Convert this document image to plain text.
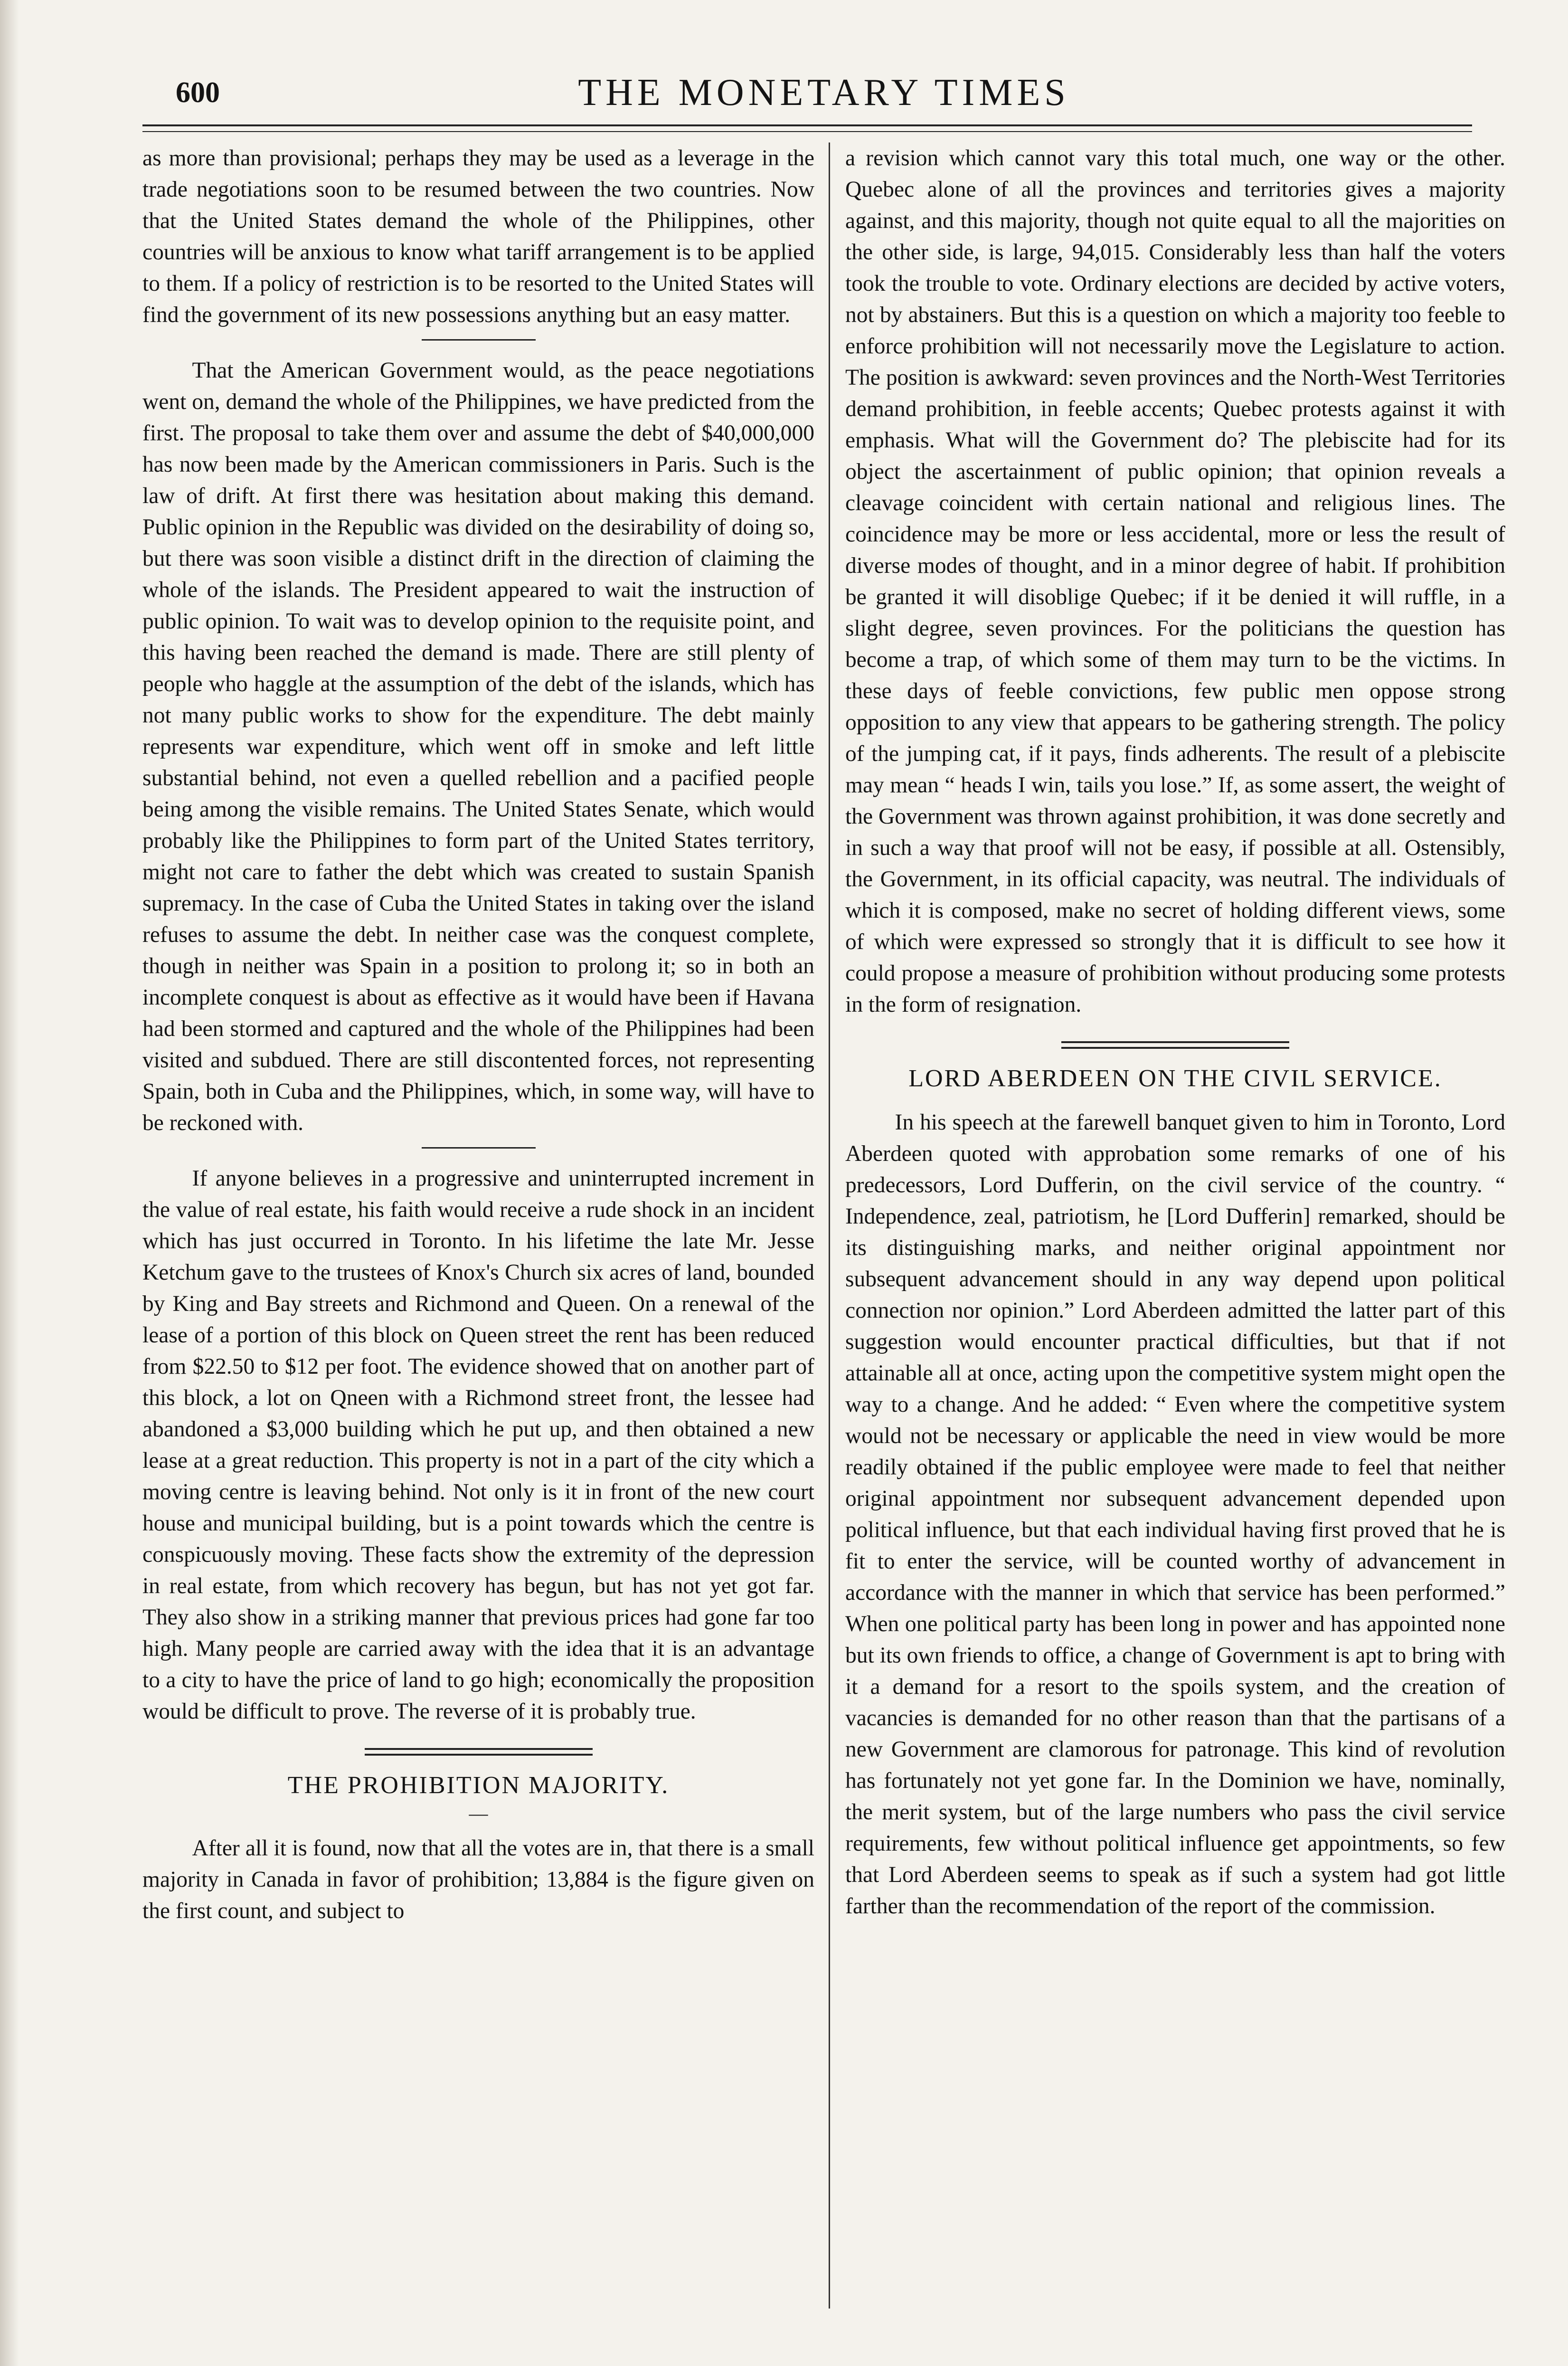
600	THE MONETARY TIMES

as more than provisional; perhaps they may be used as a leverage in the trade negotiations soon to be resumed between the two countries. Now that the United States demand the whole of the Philippines, other countries will be anxious to know what tariff arrangement is to be applied to them. If a policy of restriction is to be resorted to the United States will find the government of its new possessions anything but an easy matter.

That the American Government would, as the peace negotiations went on, demand the whole of the Philippines, we have predicted from the first. The proposal to take them over and assume the debt of $40,000,000 has now been made by the American commissioners in Paris. Such is the law of drift. At first there was hesitation about making this demand. Public opinion in the Republic was divided on the desirability of doing so, but there was soon visible a distinct drift in the direction of claiming the whole of the islands. The President appeared to wait the instruction of public opinion. To wait was to develop opinion to the requisite point, and this having been reached the demand is made. There are still plenty of people who haggle at the assumption of the debt of the islands, which has not many public works to show for the expenditure. The debt mainly represents war expenditure, which went off in smoke and left little substantial behind, not even a quelled rebellion and a pacified people being among the visible remains. The United States Senate, which would probably like the Philippines to form part of the United States territory, might not care to father the debt which was created to sustain Spanish supremacy. In the case of Cuba the United States in taking over the island refuses to assume the debt. In neither case was the conquest complete, though in neither was Spain in a position to prolong it; so in both an incomplete conquest is about as effective as it would have been if Havana had been stormed and captured and the whole of the Philippines had been visited and subdued. There are still discontented forces, not representing Spain, both in Cuba and the Philippines, which, in some way, will have to be reckoned with.

If anyone believes in a progressive and uninterrupted increment in the value of real estate, his faith would receive a rude shock in an incident which has just occurred in Toronto. In his lifetime the late Mr. Jesse Ketchum gave to the trustees of Knox's Church six acres of land, bounded by King and Bay streets and Richmond and Queen. On a renewal of the lease of a portion of this block on Queen street the rent has been reduced from $22.50 to $12 per foot. The evidence showed that on another part of this block, a lot on Qneen with a Richmond street front, the lessee had abandoned a $3,000 building which he put up, and then obtained a new lease at a great reduction. This property is not in a part of the city which a moving centre is leaving behind. Not only is it in front of the new court house and municipal building, but is a point towards which the centre is conspicuously moving. These facts show the extremity of the depression in real estate, from which recovery has begun, but has not yet got far. They also show in a striking manner that previous prices had gone far too high. Many people are carried away with the idea that it is an advantage to a city to have the price of land to go high; economically the proposition would be difficult to prove. The reverse of it is probably true.

THE PROHIBITION MAJORITY.
—

After all it is found, now that all the votes are in, that there is a small majority in Canada in favor of prohibition; 13,884 is the figure given on the first count, and subject to

a revision which cannot vary this total much, one way or the other. Quebec alone of all the provinces and territories gives a majority against, and this majority, though not quite equal to all the majorities on the other side, is large, 94,015. Considerably less than half the voters took the trouble to vote. Ordinary elections are decided by active voters, not by abstainers. But this is a question on which a majority too feeble to enforce prohibition will not necessarily move the Legislature to action. The position is awkward: seven provinces and the North-West Territories demand prohibition, in feeble accents; Quebec protests against it with emphasis. What will the Government do? The plebiscite had for its object the ascertainment of public opinion; that opinion reveals a cleavage coincident with certain national and religious lines. The coincidence may be more or less accidental, more or less the result of diverse modes of thought, and in a minor degree of habit. If prohibition be granted it will disoblige Quebec; if it be denied it will ruffle, in a slight degree, seven provinces. For the politicians the question has become a trap, of which some of them may turn to be the victims. In these days of feeble convictions, few public men oppose strong opposition to any view that appears to be gathering strength. The policy of the jumping cat, if it pays, finds adherents. The result of a plebiscite may mean “ heads I win, tails you lose.” If, as some assert, the weight of the Government was thrown against prohibition, it was done secretly and in such a way that proof will not be easy, if possible at all. Ostensibly, the Government, in its official capacity, was neutral. The individuals of which it is composed, make no secret of holding different views, some of which were expressed so strongly that it is difficult to see how it could propose a measure of prohibition without producing some protests in the form of resignation.

LORD ABERDEEN ON THE CIVIL SERVICE.

In his speech at the farewell banquet given to him in Toronto, Lord Aberdeen quoted with approbation some remarks of one of his predecessors, Lord Dufferin, on the civil service of the country. “ Independence, zeal, patriotism, he [Lord Dufferin] remarked, should be its distinguishing marks, and neither original appointment nor subsequent advancement should in any way depend upon political connection nor opinion.” Lord Aberdeen admitted the latter part of this suggestion would encounter practical difficulties, but that if not attainable all at once, acting upon the competitive system might open the way to a change. And he added: “ Even where the competitive system would not be necessary or applicable the need in view would be more readily obtained if the public employee were made to feel that neither original appointment nor subsequent advancement depended upon political influence, but that each individual having first proved that he is fit to enter the service, will be counted worthy of advancement in accordance with the manner in which that service has been performed.” When one political party has been long in power and has appointed none but its own friends to office, a change of Government is apt to bring with it a demand for a resort to the spoils system, and the creation of vacancies is demanded for no other reason than that the partisans of a new Government are clamorous for patronage. This kind of revolution has fortunately not yet gone far. In the Dominion we have, nominally, the merit system, but of the large numbers who pass the civil service requirements, few without political influence get appointments, so few that Lord Aberdeen seems to speak as if such a system had got little farther than the recommendation of the report of the commission.
